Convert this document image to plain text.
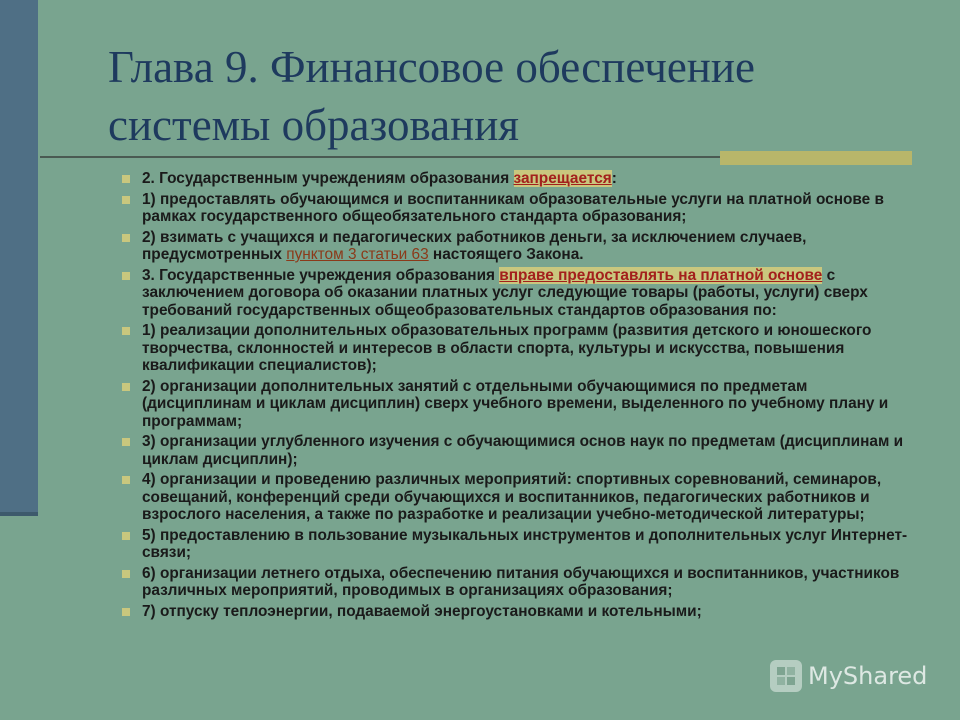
Глава 9. Финансовое обеспечение системы образования
2. Государственным учреждениям образования запрещается:
1) предоставлять обучающимся и воспитанникам образовательные услуги на платной основе в рамках государственного общеобязательного стандарта образования;
2) взимать с учащихся и педагогических работников деньги, за исключением случаев, предусмотренных пунктом 3 статьи 63 настоящего Закона.
3. Государственные учреждения образования вправе предоставлять на платной основе с заключением договора об оказании платных услуг следующие товары (работы, услуги) сверх требований государственных общеобразовательных стандартов образования по:
1) реализации дополнительных образовательных программ (развития детского и юношеского творчества, склонностей и интересов в области спорта, культуры и искусства, повышения квалификации специалистов);
2) организации дополнительных занятий с отдельными обучающимися по предметам (дисциплинам и циклам дисциплин) сверх учебного времени, выделенного по учебному плану и программам;
3) организации углубленного изучения с обучающимися основ наук по предметам (дисциплинам и циклам дисциплин);
4) организации и проведению различных мероприятий: спортивных соревнований, семинаров, совещаний, конференций среди обучающихся и воспитанников, педагогических работников и взрослого населения, а также по разработке и реализации учебно-методической литературы;
5) предоставлению в пользование музыкальных инструментов и дополнительных услуг Интернет-связи;
6) организации летнего отдыха, обеспечению питания обучающихся и воспитанников, участников различных мероприятий, проводимых в организациях образования;
7) отпуску теплоэнергии, подаваемой энергоустановками и котельными;
MyShared
